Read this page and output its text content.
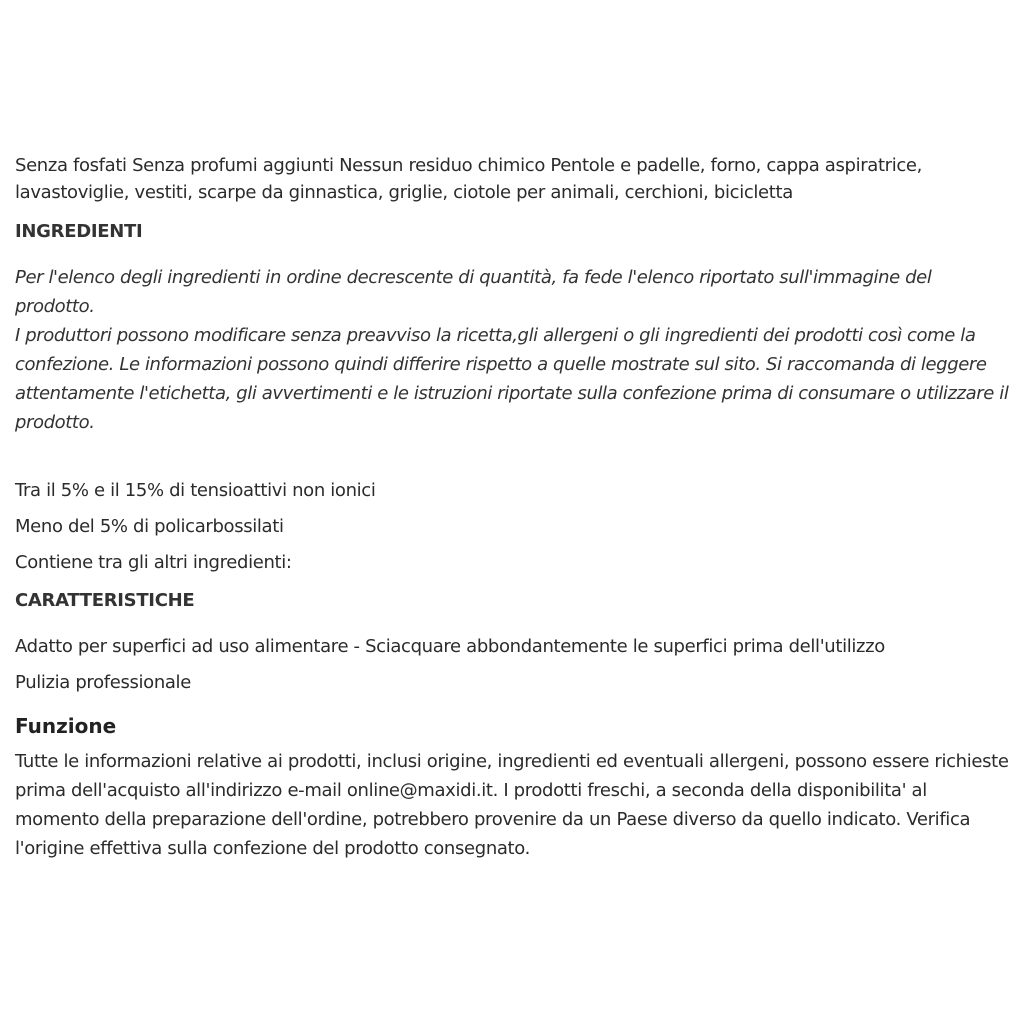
Senza fosfati Senza profumi aggiunti Nessun residuo chimico Pentole e padelle, forno, cappa aspiratrice, lavastoviglie, vestiti, scarpe da ginnastica, griglie, ciotole per animali, cerchioni, bicicletta

INGREDIENTI

Per l'elenco degli ingredienti in ordine decrescente di quantità, fa fede l'elenco riportato sull'immagine del prodotto.

I produttori possono modificare senza preavviso la ricetta,gli allergeni o gli ingredienti dei prodotti così come la confezione. Le informazioni possono quindi differire rispetto a quelle mostrate sul sito. Si raccomanda di leggere attentamente l'etichetta, gli avvertimenti e le istruzioni riportate sulla confezione prima di consumare o utilizzare il prodotto.

Tra il 5% e il 15% di tensioattivi non ionici

Meno del 5% di policarbossilati

Contiene tra gli altri ingredienti:

CARATTERISTICHE

Adatto per superfici ad uso alimentare - Sciacquare abbondantemente le superfici prima dell'utilizzo

Pulizia professionale

Funzione

Tutte le informazioni relative ai prodotti, inclusi origine, ingredienti ed eventuali allergeni, possono essere richieste prima dell'acquisto all'indirizzo e-mail online@maxidi.it. I prodotti freschi, a seconda della disponibilita' al momento della preparazione dell'ordine, potrebbero provenire da un Paese diverso da quello indicato. Verifica l'origine effettiva sulla confezione del prodotto consegnato.
